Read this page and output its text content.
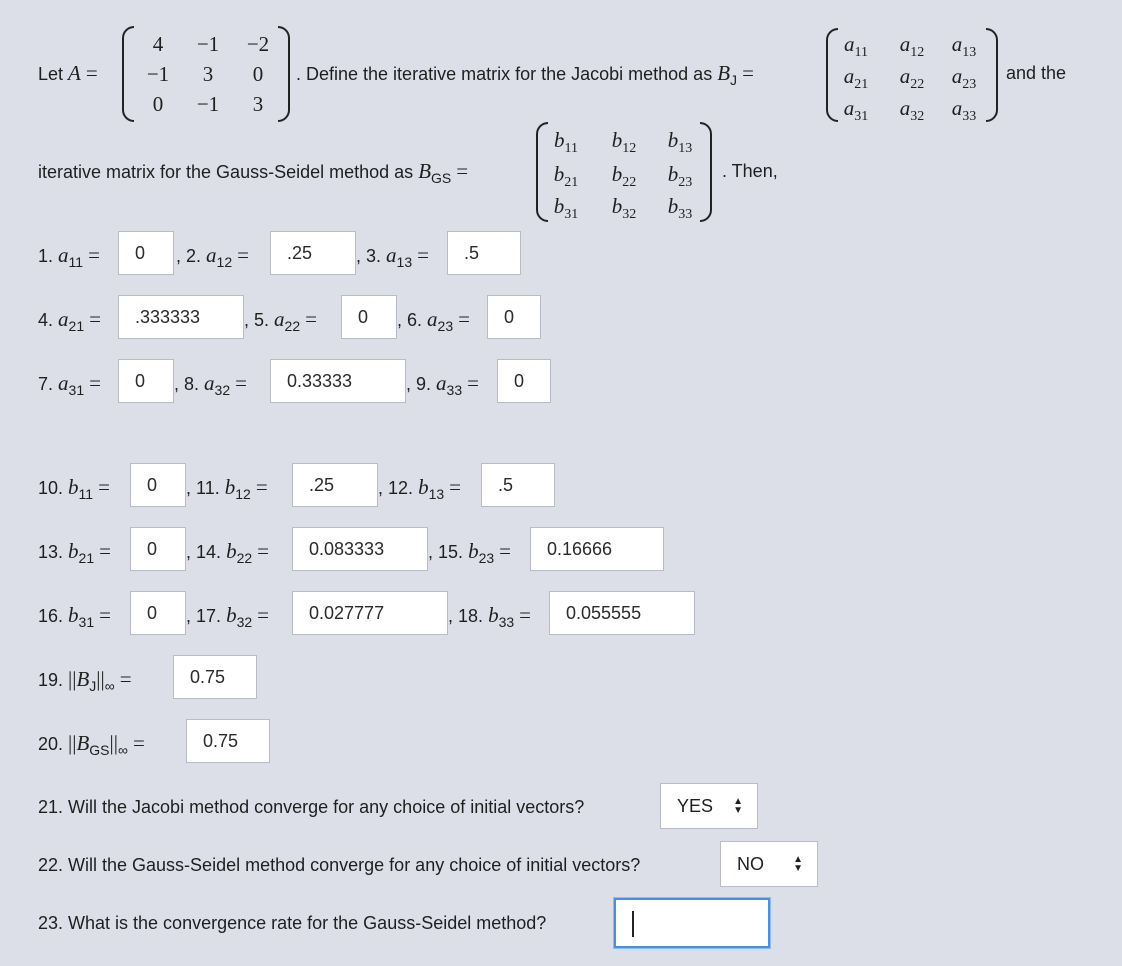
Let A =
4	−1	−2
−1	3	0
0	−1	3
. Define the iterative matrix for the Jacobi method as $B_J$ =
$a_{11}$	$a_{12}$	$a_{13}$
$a_{21}$	$a_{22}$	$a_{23}$
$a_{31}$	$a_{32}$	$a_{33}$
and the
iterative matrix for the Gauss-Seidel method as $B_{GS}$ =
$b_{11}$	$b_{12}$	$b_{13}$
$b_{21}$	$b_{22}$	$b_{23}$
$b_{31}$	$b_{32}$	$b_{33}$
. Then,
1. $a_{11}$ =	0	, 2. $a_{12}$ =	.25	, 3. $a_{13}$ =	.5
4. $a_{21}$ =	.333333	, 5. $a_{22}$ =	0	, 6. $a_{23}$ =	0
7. $a_{31}$ =	0	, 8. $a_{32}$ =	0.33333	, 9. $a_{33}$ =	0
10. $b_{11}$ =	0	, 11. $b_{12}$ =	.25	, 12. $b_{13}$ =	.5
13. $b_{21}$ =	0	, 14. $b_{22}$ =	0.083333	, 15. $b_{23}$ =	0.16666
16. $b_{31}$ =	0	, 17. $b_{32}$ =	0.027777	, 18. $b_{33}$ =	0.055555
19. $||B_J||_\infty$ =	0.75
20. $||B_{GS}||_\infty$ =	0.75
21. Will the Jacobi method converge for any choice of initial vectors?	YES ▲
▼
22. Will the Gauss-Seidel method converge for any choice of initial vectors?	NO	▲
▼
23. What is the convergence rate for the Gauss-Seidel method?
